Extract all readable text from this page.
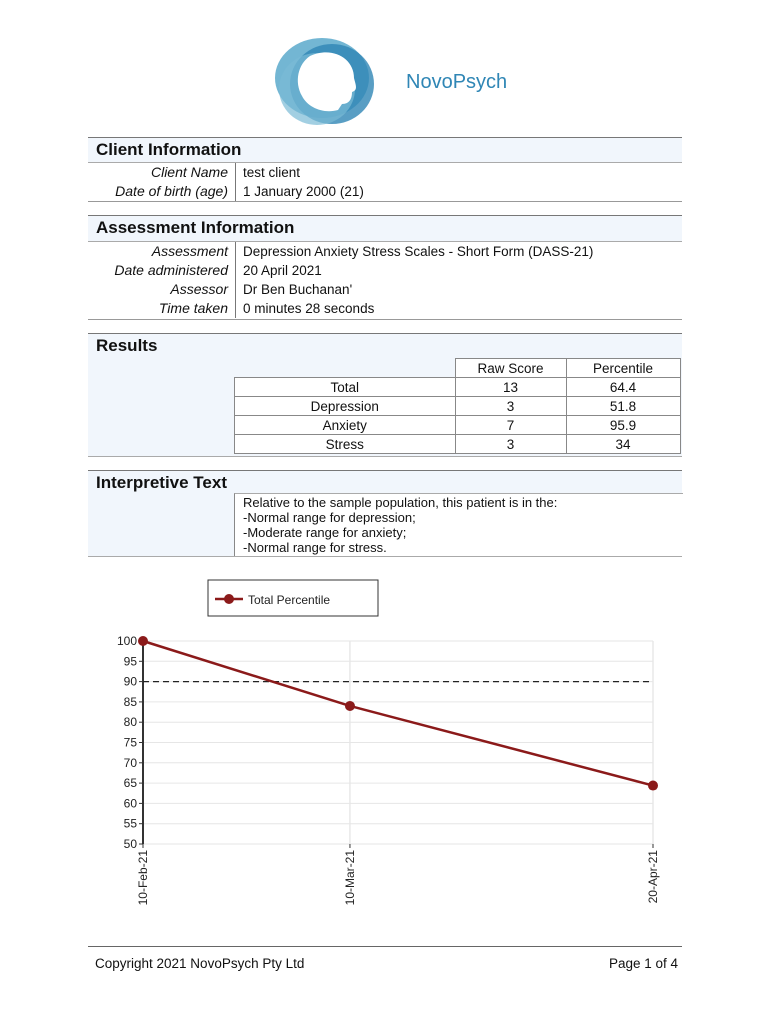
NovoPsych
Client Information
Client Name test client
Date of birth (age) 1 January 2000 (21)
Assessment Information
Assessment Depression Anxiety Stress Scales - Short Form (DASS-21)
Date administered 20 April 2021
Assessor Dr Ben Buchanan'
Time taken 0 minutes 28 seconds
Results
	Raw Score	Percentile
Total	13	64.4
Depression	3	51.8
Anxiety	7	95.9
Stress	3	34
Interpretive Text
Relative to the sample population, this patient is in the:
-Normal range for depression;
-Moderate range for anxiety;
-Normal range for stress.
50
55
60
65
70
75
80
85
90
95
100
10-Feb-21	10-Mar-21	20-Apr-21
Total Percentile
Copyright 2021 NovoPsych Pty Ltd	Page 1 of 4
